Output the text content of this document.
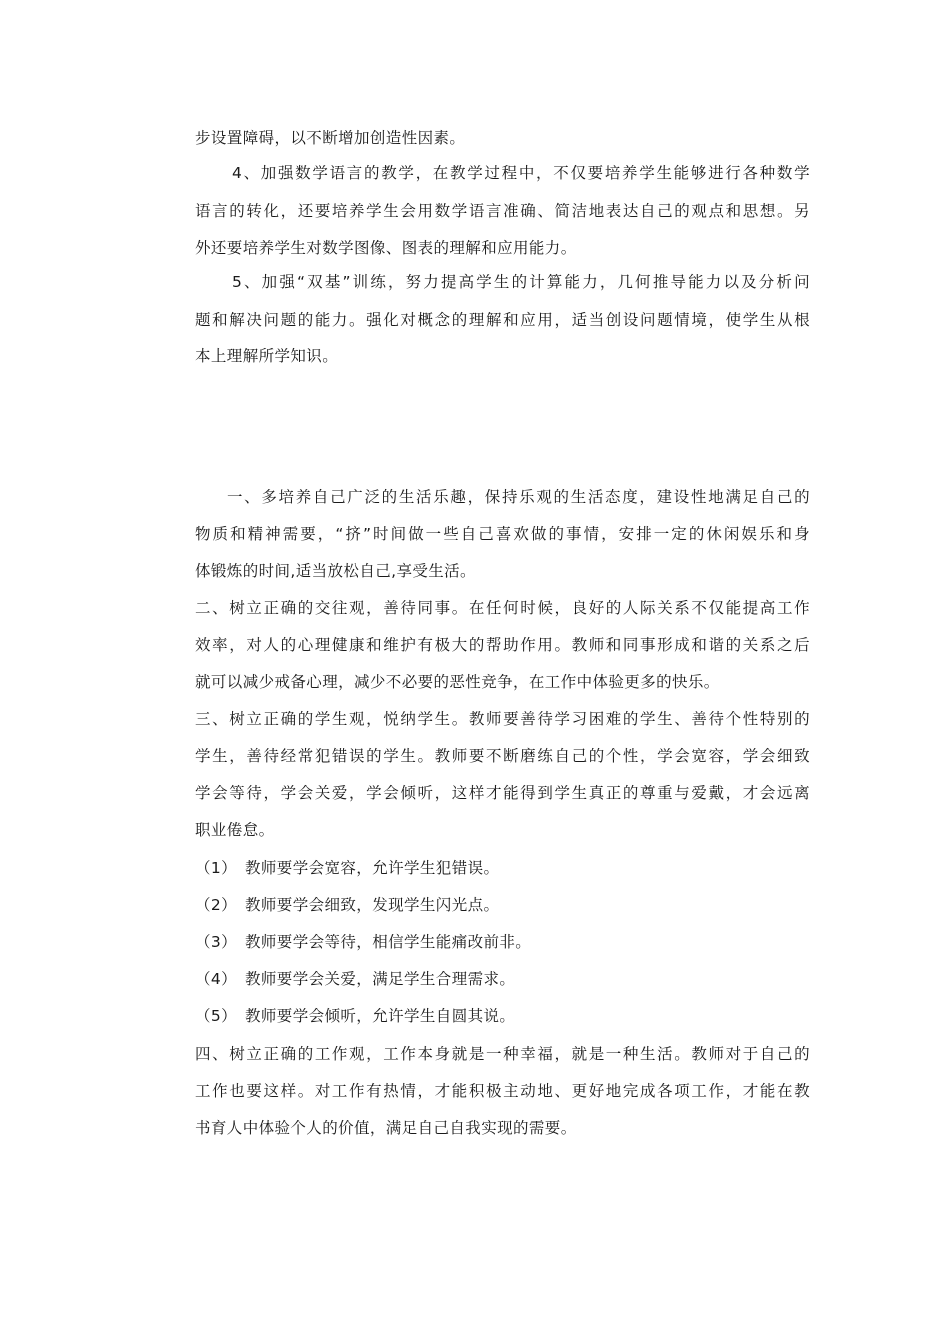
步设置障碍，以不断增加创造性因素。
4、加强数学语言的教学，在教学过程中，不仅要培养学生能够进行各种数学
语言的转化，还要培养学生会用数学语言准确、简洁地表达自己的观点和思想。另
外还要培养学生对数学图像、图表的理解和应用能力。
5、加强“双基”训练，努力提高学生的计算能力，几何推导能力以及分析问
题和解决问题的能力。强化对概念的理解和应用，适当创设问题情境，使学生从根
本上理解所学知识。
一、多培养自己广泛的生活乐趣，保持乐观的生活态度，建设性地满足自己的
物质和精神需要，“挤”时间做一些自己喜欢做的事情，安排一定的休闲娱乐和身
体锻炼的时间,适当放松自己,享受生活。
二、树立正确的交往观，善待同事。在任何时候，良好的人际关系不仅能提高工作
效率，对人的心理健康和维护有极大的帮助作用。教师和同事形成和谐的关系之后
就可以减少戒备心理，减少不必要的恶性竞争，在工作中体验更多的快乐。
三、树立正确的学生观，悦纳学生。教师要善待学习困难的学生、善待个性特别的
学生，善待经常犯错误的学生。教师要不断磨练自己的个性，学会宽容，学会细致
学会等待，学会关爱，学会倾听，这样才能得到学生真正的尊重与爱戴，才会远离
职业倦怠。
（1） 教师要学会宽容，允许学生犯错误。
（2） 教师要学会细致，发现学生闪光点。
（3） 教师要学会等待，相信学生能痛改前非。
（4） 教师要学会关爱，满足学生合理需求。
（5） 教师要学会倾听，允许学生自圆其说。
四、树立正确的工作观，工作本身就是一种幸福，就是一种生活。教师对于自己的
工作也要这样。对工作有热情，才能积极主动地、更好地完成各项工作，才能在教
书育人中体验个人的价值，满足自己自我实现的需要。
